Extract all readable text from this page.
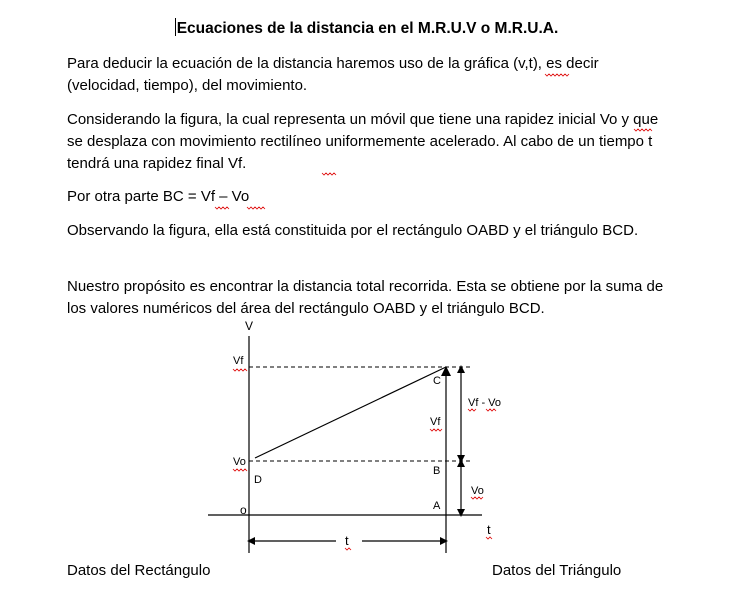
Ecuaciones de la distancia en el M.R.U.V o M.R.U.A.

Para deducir la ecuación de la distancia haremos uso de la gráfica (v,t), es decir (velocidad, tiempo), del movimiento.

Considerando la figura, la cual representa un móvil que tiene una rapidez inicial Vo y que se desplaza con movimiento rectilíneo uniformemente acelerado. Al cabo de un tiempo t tendrá una rapidez final Vf.

Por otra parte BC = Vf – Vo

Observando la figura, ella está constituida por el rectángulo OABD y el triángulo BCD.

Nuestro propósito es encontrar la distancia total recorrida. Esta se obtiene por la suma de los valores numéricos del área del rectángulo OABD y el triángulo BCD.

V
t
Vf
Vo
o
D
A
B
C
Vf
Vf - Vo
Vo
t
Datos del Rectángulo	Datos del Triángulo
